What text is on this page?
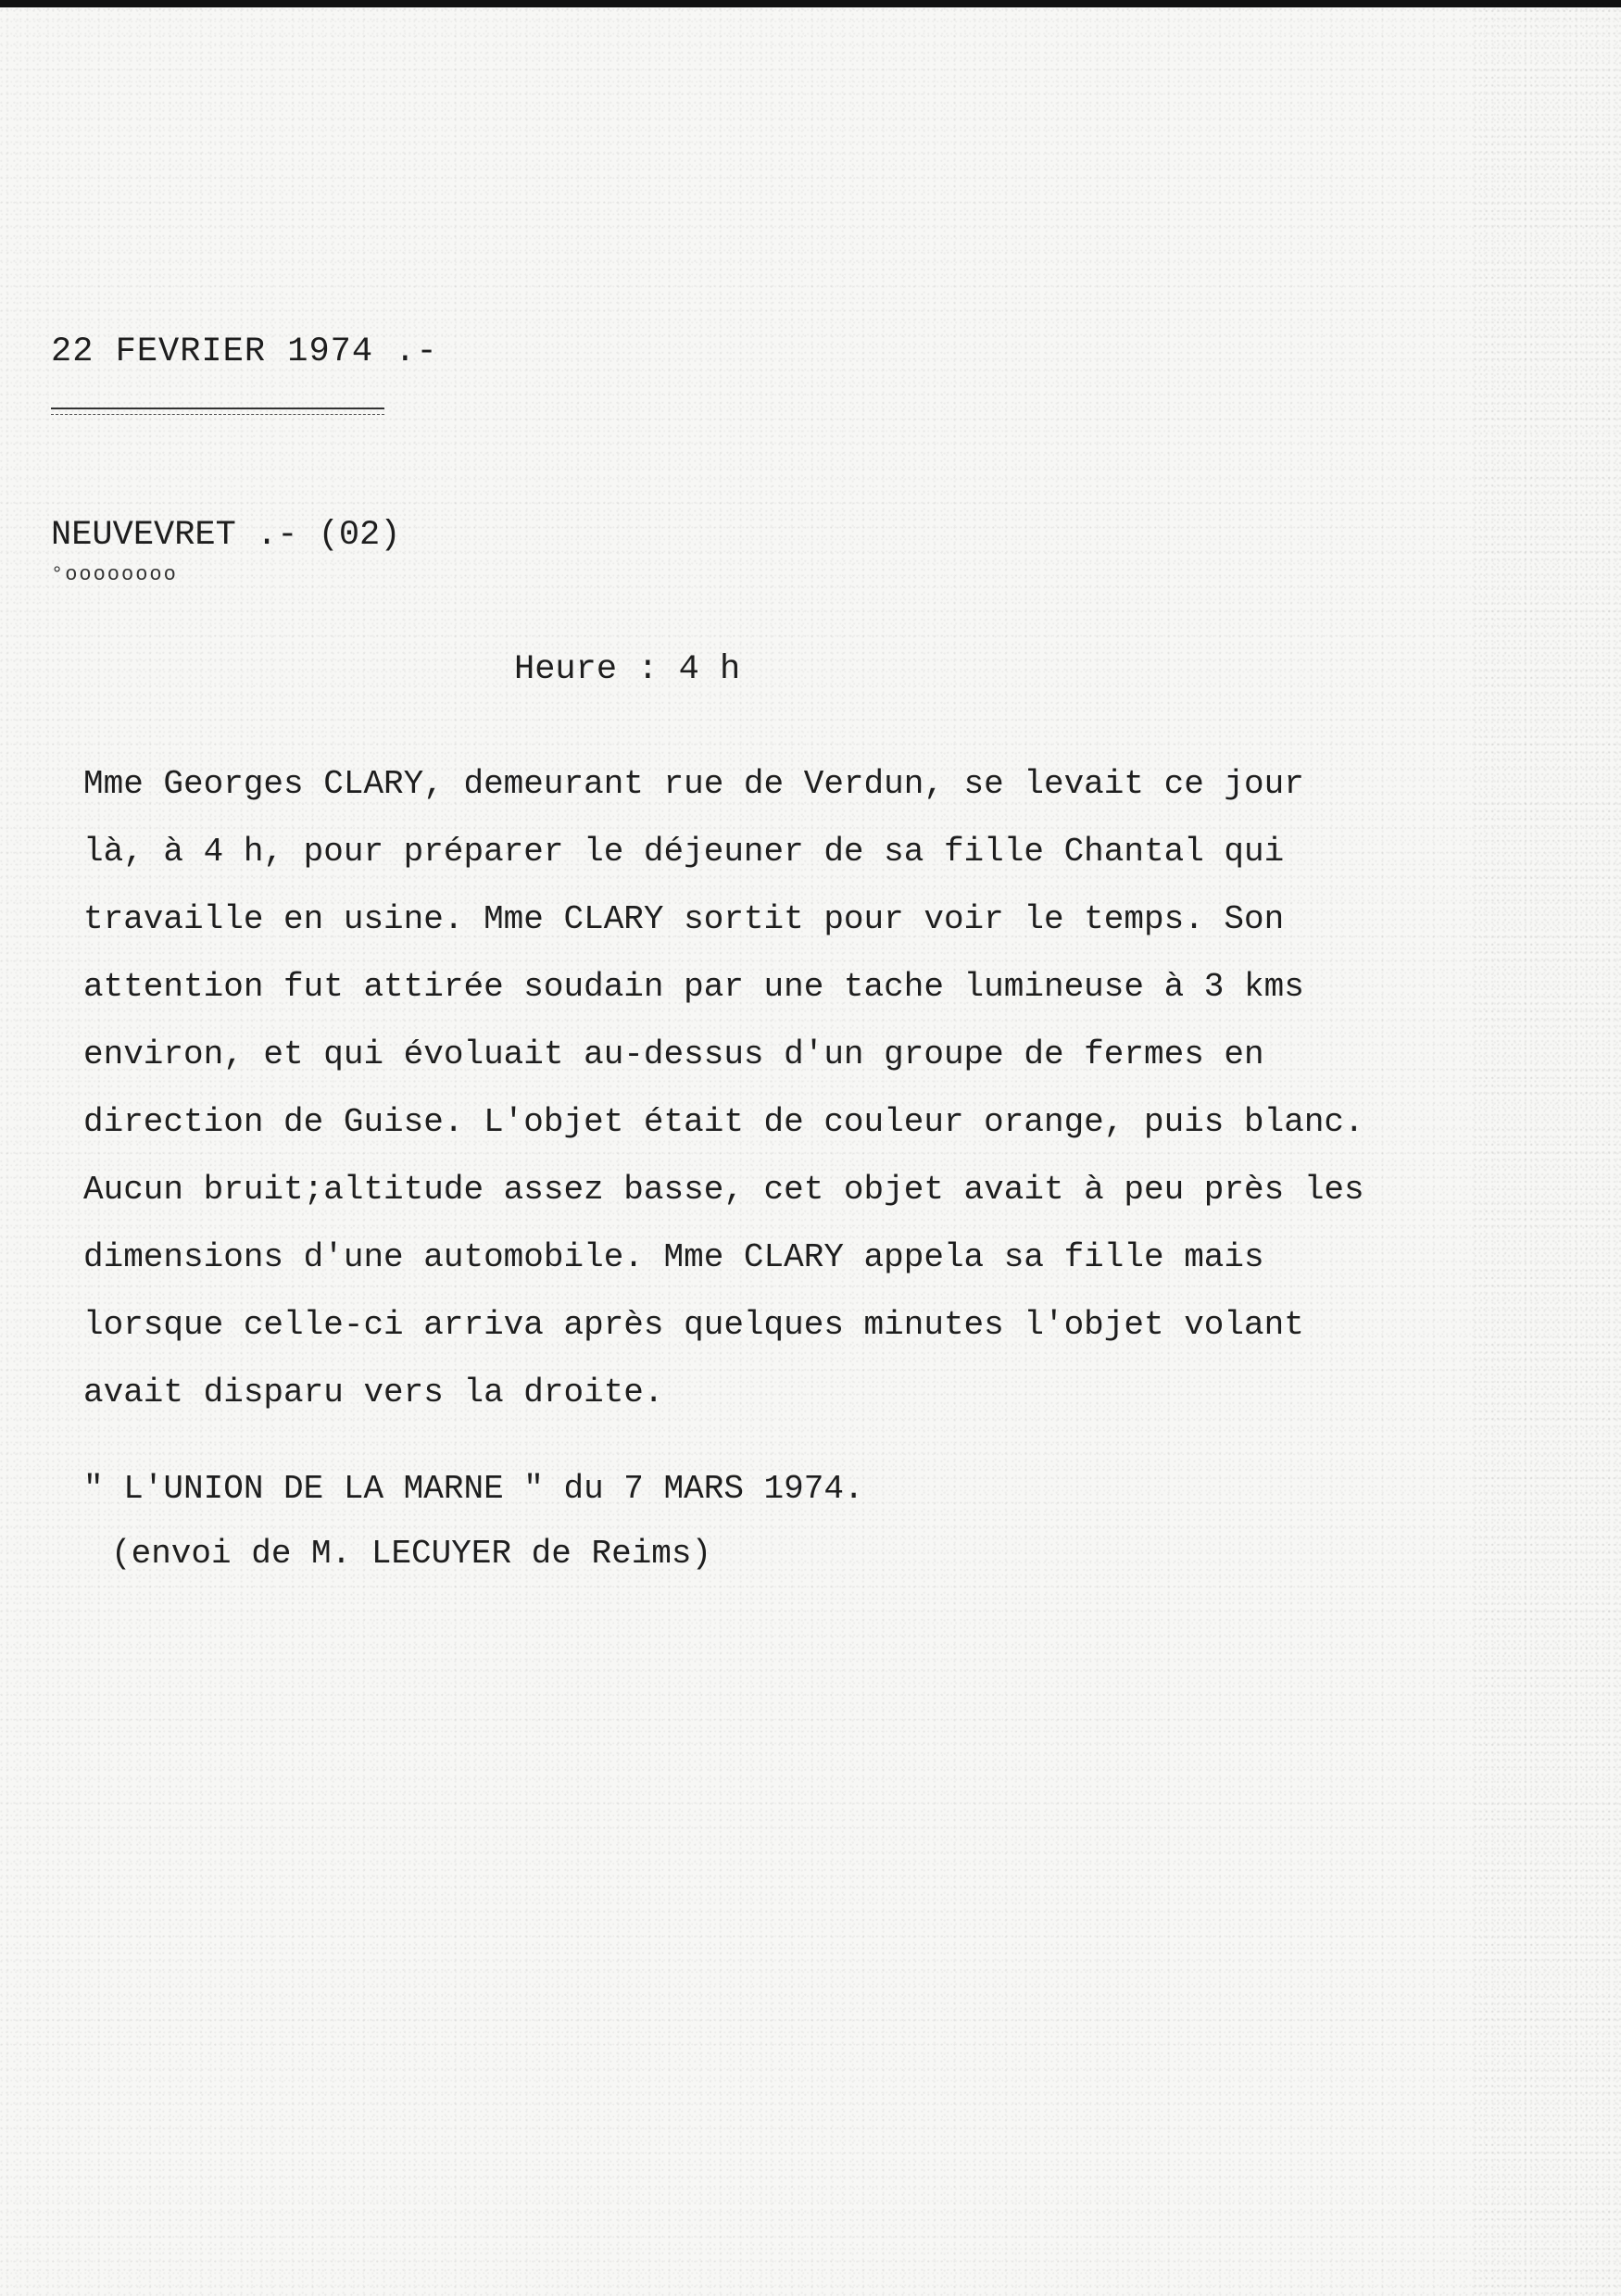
22 FEVRIER 1974 .-
NEUVEVRET .- (02)
°oooooooo
Heure : 4 h
Mme Georges CLARY, demeurant rue de Verdun, se levait ce jour
là, à 4 h, pour préparer le déjeuner de sa fille Chantal qui
travaille en usine. Mme CLARY sortit pour voir le temps. Son
attention fut attirée soudain par une tache lumineuse à 3 kms
environ, et qui évoluait au-dessus d'un groupe de fermes en
direction de Guise. L'objet était de couleur orange, puis blanc.
Aucun bruit;altitude assez basse, cet objet avait à peu près les
dimensions d'une automobile. Mme CLARY appela sa fille mais
lorsque celle-ci arriva après quelques minutes l'objet volant
avait disparu vers la droite.
" L'UNION DE LA MARNE " du 7 MARS 1974.
(envoi de M. LECUYER de Reims)
